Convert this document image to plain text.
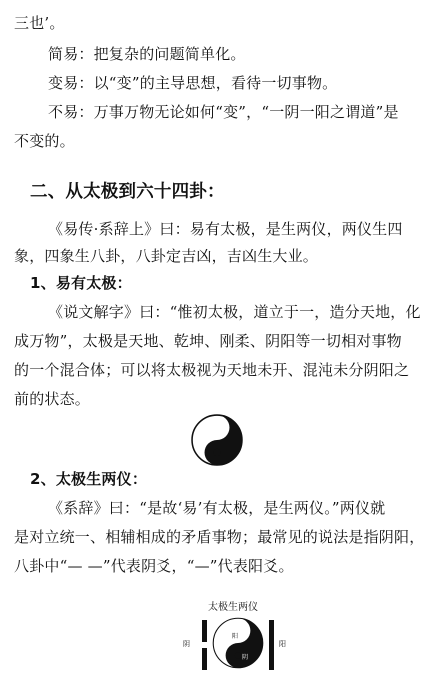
三也’。
简易：把复杂的问题简单化。
变易：以“变”的主导思想，看待一切事物。
不易：万事万物无论如何“变”，“一阴一阳之谓道”是
不变的。
二、从太极到六十四卦：
《易传·系辞上》曰：易有太极，是生两仪，两仪生四
象，四象生八卦，八卦定吉凶，吉凶生大业。
1、易有太极：
《说文解字》曰：“惟初太极，道立于一，造分天地，化
成万物”，太极是天地、乾坤、刚柔、阴阳等一切相对事物
的一个混合体；可以将太极视为天地未开、混沌未分阴阳之
前的状态。
2、太极生两仪：
《系辞》曰：“是故‘易’有太极，是生两仪。”两仪就
是对立统一、相辅相成的矛盾事物；最常见的说法是指阴阳，
八卦中“— —”代表阴爻，“—”代表阳爻。
太极生两仪
阴
阳
阴
阳
